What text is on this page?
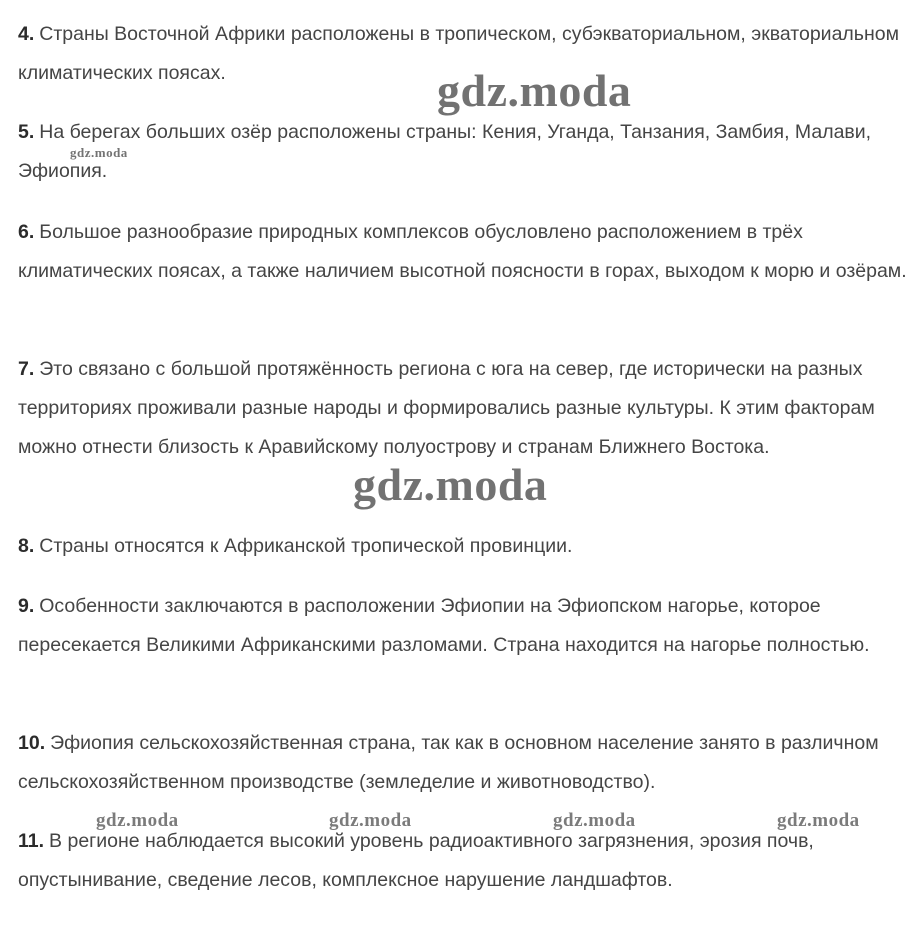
4. Страны Восточной Африки расположены в тропическом, субэкваториальном, экваториальном климатических поясах.

5. На берегах больших озёр расположены страны: Кения, Уганда, Танзания, Замбия, Малави, Эфиопия.

6. Большое разнообразие природных комплексов обусловлено расположением в трёх климатических поясах, а также наличием высотной поясности в горах, выходом к морю и озёрам.

7. Это связано с большой протяжённость региона с юга на север, где исторически на разных территориях проживали разные народы и формировались разные культуры. К этим факторам можно отнести близость к Аравийскому полуострову и странам Ближнего Востока.

8. Страны относятся к Африканской тропической провинции.

9. Особенности заключаются в расположении Эфиопии на Эфиопском нагорье, которое пересекается Великими Африканскими разломами. Страна находится на нагорье полностью.

10. Эфиопия сельскохозяйственная страна, так как в основном население занято в различном сельскохозяйственном производстве (земледелие и животноводство).

11. В регионе наблюдается высокий уровень радиоактивного загрязнения, эрозия почв, опустынивание, сведение лесов, комплексное нарушение ландшафтов.

gdz.moda
gdz.moda
gdz.moda
gdz.moda	gdz.moda	gdz.moda	gdz.moda
